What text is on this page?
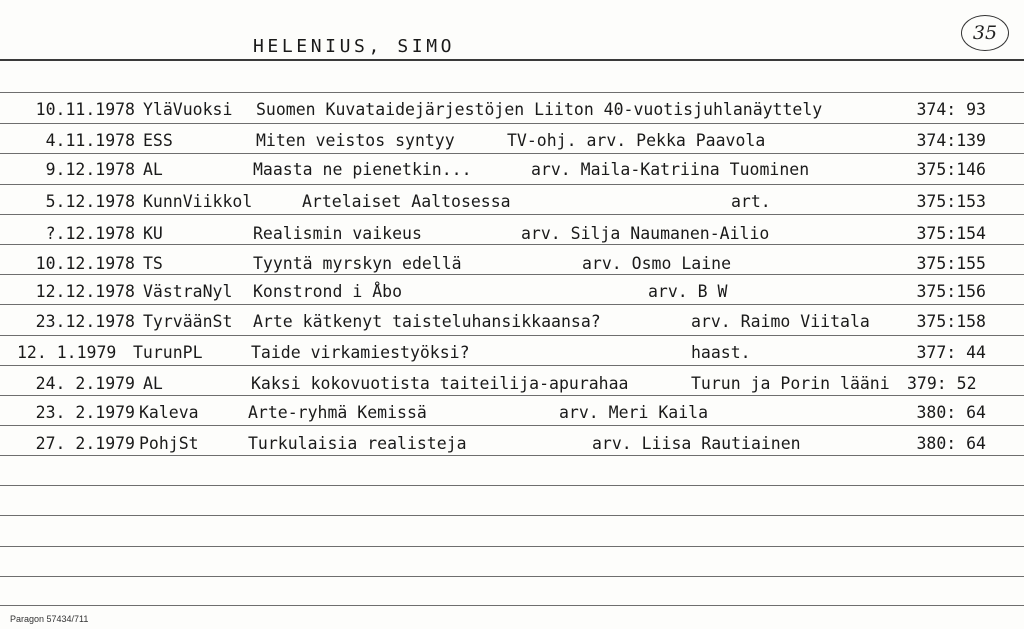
35
HELENIUS, SIMO
10.11.1978 YläVuoksi Suomen Kuvataidejärjestöjen Liiton 40-vuotisjuhlanäyttely	374: 93
4.11.1978 ESS	Miten veistos syntyy	TV-ohj. arv. Pekka Paavola	374:139
9.12.1978 AL	Maasta ne pienetkin...	arv. Maila-Katriina Tuominen	375:146
5.12.1978 KunnViikkol	Artelaiset Aaltosessa	art.	375:153
?.12.1978 KU	Realismin vaikeus	arv. Silja Naumanen-Ailio	375:154
10.12.1978 TS	Tyyntä myrskyn edellä	arv. Osmo Laine	375:155
12.12.1978 VästraNyl Konstrond i Åbo	arv. B W	375:156
23.12.1978 TyrväänSt Arte kätkenyt taisteluhansikkaansa?	arv. Raimo Viitala	375:158
12. 1.1979 TurunPL	Taide virkamiestyöksi?	haast.	377: 44
24. 2.1979 AL	Kaksi kokovuotista taiteilija-apurahaa	Turun ja Porin lääni 379: 52
23. 2.1979 Kaleva	Arte-ryhmä Kemissä	arv. Meri Kaila	380: 64
27. 2.1979 PohjSt	Turkulaisia realisteja	arv. Liisa Rautiainen	380: 64
Paragon 57434/711
